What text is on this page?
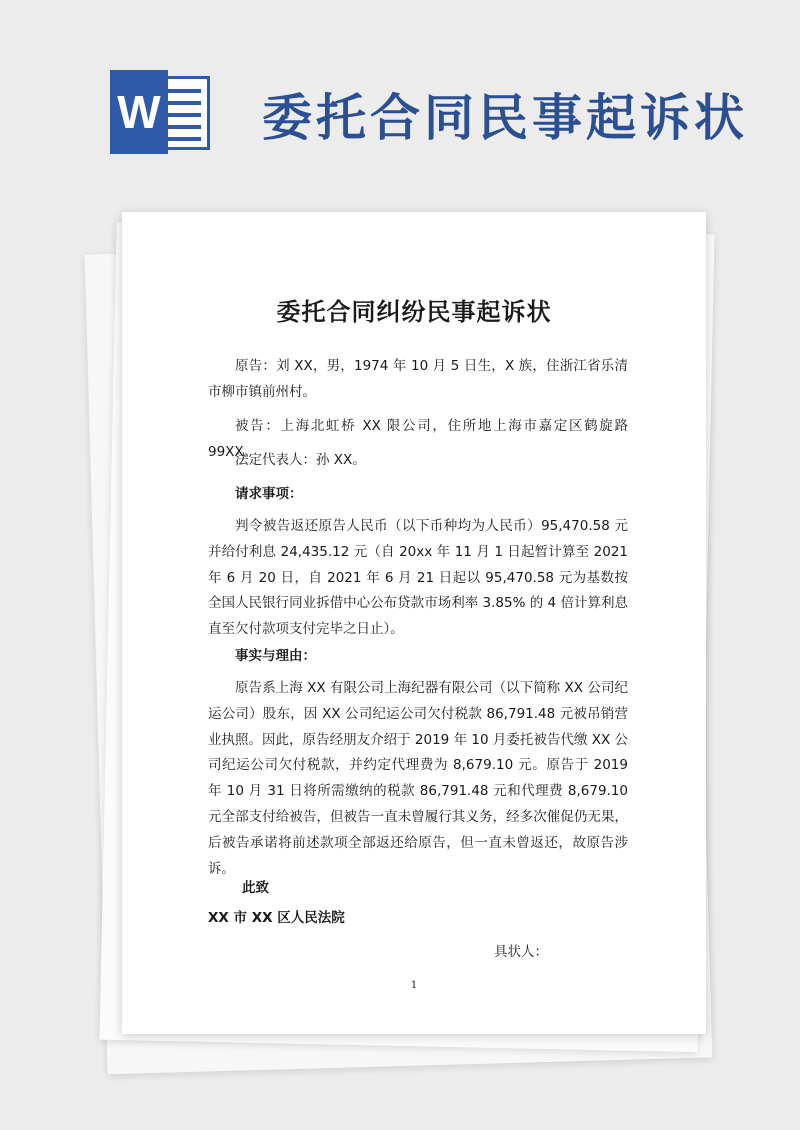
W 委托合同民事起诉状
委托合同纠纷民事起诉状

原告：刘 XX，男，1974 年 10 月 5 日生，X 族，住浙江省乐清市柳市镇前州村。

被告：上海北虹桥 XX 限公司，住所地上海市嘉定区鹤旋路 99XX。

法定代表人：孙 XX。

请求事项：

判令被告返还原告人民币（以下币种均为人民币）95,470.58 元并给付利息 24,435.12 元（自 20xx 年 11 月 1 日起暂计算至 2021 年 6 月 20 日，自 2021 年 6 月 21 日起以 95,470.58 元为基数按全国人民银行同业拆借中心公布贷款市场利率 3.85% 的 4 倍计算利息直至欠付款项支付完毕之日止）。

事实与理由：

原告系上海 XX 有限公司上海纪器有限公司（以下简称 XX 公司纪运公司）股东，因 XX 公司纪运公司欠付税款 86,791.48 元被吊销营业执照。因此，原告经朋友介绍于 2019 年 10 月委托被告代缴 XX 公司纪运公司欠付税款，并约定代理费为 8,679.10 元。原告于 2019 年 10 月 31 日将所需缴纳的税款 86,791.48 元和代理费 8,679.10 元全部支付给被告，但被告一直未曾履行其义务，经多次催促仍无果，后被告承诺将前述款项全部返还给原告，但一直未曾返还，故原告涉诉。

此致
XX 市 XX 区人民法院
具状人：
1
